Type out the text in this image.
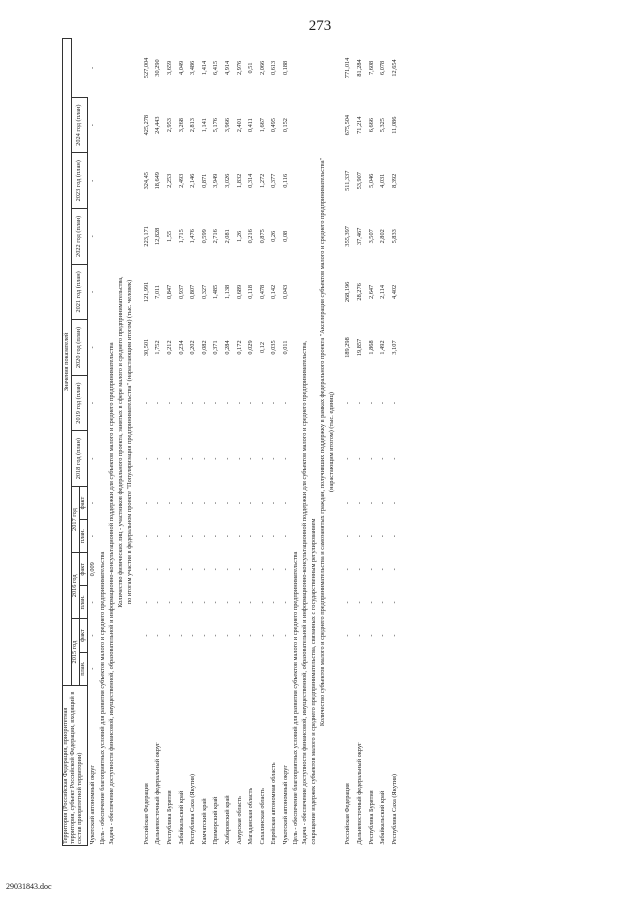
273
Территория (Российская Федерация, приоритетная территория, субъект Российской Федерации, входящий в состав приоритетной территории)	Значения показателей													
	2015 год		2016 год		2017 год		2018 год (план)	2019 год (план)	2020 год (план)	2021 год (план)	2022 год (план)	2023 год (план)	2024 год (план)	
	план.	факт	план.	факт	план.	факт								
Чукотский автономный округ	-	-	-	0,009	-	-	-	-	-	-	-	-	-	-
Цель - обеспечение благоприятных условий для развития субъектов малого и среднего предпринимательства														
Задача - обеспечение доступности финансовой, имущественной, образовательной и информационно-консультационной поддержки для субъектов малого и среднего предпринимательства														
Количество физических лиц - участников федерального проекта, занятых в сфере малого и среднего предпринимательства,														
по итогам участия в федеральном проекте "Популяризация предпринимательства" (нарастающим итогом) (тыс. человек)														

Российская Федерация		-	-	-	-	-	-	-	30,501	121,991	223,171	324,45	425,278	527,004
Дальневосточный федеральный округ		-	-	-	-	-	-	-	1,752	7,011	12,828	18,649	24,443	30,290
Республика Бурятия		-	-	-	-	-	-	-	0,212	0,847	1,55	2,253	2,953	3,659
Забайкальский край		-	-	-	-	-	-	-	0,234	0,937	1,715	2,493	3,268	4,049
Республика Саха (Якутия)		-	-	-	-	-	-	-	0,202	0,807	1,476	2,146	2,813	3,486
Камчатский край		-	-	-	-	-	-	-	0,082	0,327	0,599	0,871	1,141	1,414
Приморский край		-	-	-	-	-	-	-	0,371	1,485	2,716	3,949	5,176	6,415
Хабаровский край		-	-	-	-	-	-	-	0,284	1,138	2,081	3,026	3,966	4,914
Амурская область		-	-	-	-	-	-	-	0,172	0,689	1,26	1,832	2,401	2,976
Магаданская область		-	-	-	-	-	-	-	0,029	0,118	0,216	0,314	0,411	0,51
Сахалинская область		-	-	-	-	-	-	-	0,12	0,478	0,875	1,272	1,667	2,066
Еврейская автономная область		-	-	-	-	-	-	-	0,035	0,142	0,26	0,377	0,495	0,613
Чукотский автономный округ		-	-	-	-	-	-	-	0,011	0,043	0,08	0,116	0,152	0,188
Цель - обеспечение благоприятных условий для развития субъектов малого и среднего предпринимательства														
Задача - обеспечение доступности финансовой, имущественной, образовательной и информационно-консультационной поддержки для субъектов малого и среднего предпринимательства,														
сокращение издержек субъектов малого и среднего предпринимательства, связанных с государственным регулированием														
Количество субъектов малого и среднего предпринимательства и самозанятых граждан, получивших поддержку в рамках федерального проекта "Акселерация субъектов малого и среднего предпринимательства"														
(нарастающим итогом) (тыс. единиц)														

Российская Федерация		-	-	-	-	-	-	-	189,298	268,196	355,397	511,337	675,504	771,014
Дальневосточный федеральный округ		-	-	-	-	-	-	-	19,857	28,276	37,467	53,907	71,214	81,284
Республика Бурятия		-	-	-	-	-	-	-	1,868	2,647	3,507	5,046	6,666	7,608
Забайкальский край		-	-	-	-	-	-	-	1,492	2,114	2,802	4,031	5,325	6,078
Республика Саха (Якутия)		-	-	-	-	-	-	-	3,107	4,402	5,833	8,392	11,086	12,654
29031843.doc
